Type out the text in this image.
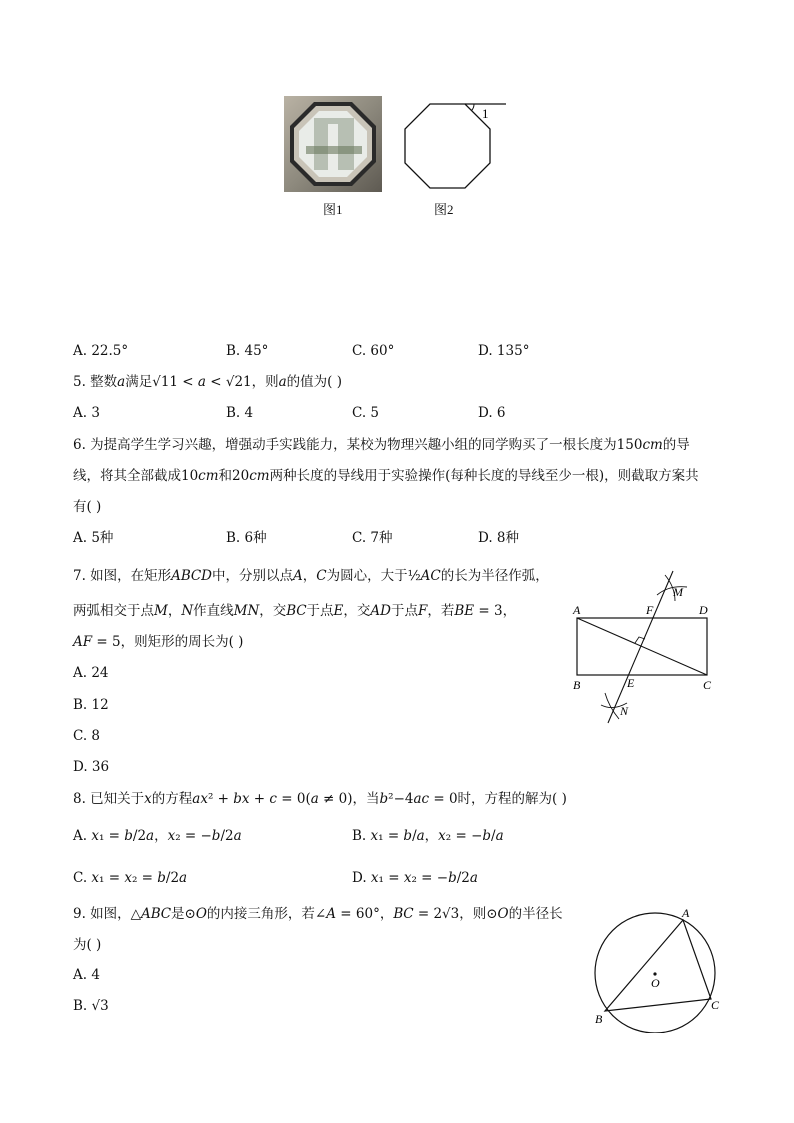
图1
1
图2
A. 22.5°	B. 45°	C. 60°	D. 135°
5. 整数𝑎满足√11 < 𝑎 < √21，则𝑎的值为( )
A. 3	B. 4	C. 5	D. 6
6. 为提高学生学习兴趣，增强动手实践能力，某校为物理兴趣小组的同学购买了一根长度为150𝑐𝑚的导
线，将其全部截成10𝑐𝑚和20𝑐𝑚两种长度的导线用于实验操作(每种长度的导线至少一根)，则截取方案共
有( )
A. 5种	B. 6种	C. 7种	D. 8种
7. 如图，在矩形𝐴𝐵𝐶𝐷中，分别以点𝐴，𝐶为圆心，大于½𝐴𝐶的长为半径作弧，
两弧相交于点𝑀，𝑁作直线𝑀𝑁，交𝐵𝐶于点𝐸，交𝐴𝐷于点𝐹，若𝐵𝐸 = 3，
𝐴𝐹 = 5，则矩形的周长为( )
A. 24
B. 12
C. 8
D. 36
A	F	D
M
B	E	C
N
8. 已知关于𝑥的方程𝑎𝑥² + 𝑏𝑥 + 𝑐 = 0(𝑎 ≠ 0)，当𝑏²−4𝑎𝑐 = 0时，方程的解为( )
A. 𝑥₁ = 𝑏/2𝑎，𝑥₂ = −𝑏/2𝑎	B. 𝑥₁ = 𝑏/𝑎，𝑥₂ = −𝑏/𝑎
C. 𝑥₁ = 𝑥₂ = 𝑏/2𝑎	D. 𝑥₁ = 𝑥₂ = −𝑏/2𝑎
9. 如图，△𝐴𝐵𝐶是⊙𝑂的内接三角形，若∠𝐴 = 60°，𝐵𝐶 = 2√3，则⊙𝑂的半径长
为( )
A. 4
B. √3
A
O
B
C
